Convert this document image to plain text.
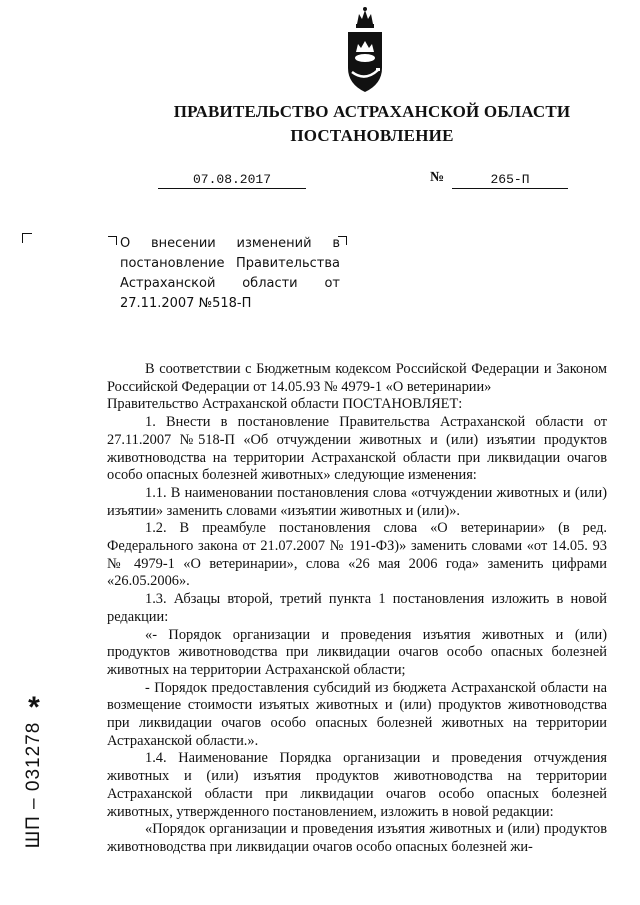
ПРАВИТЕЛЬСТВО АСТРАХАНСКОЙ ОБЛАСТИ
ПОСТАНОВЛЕНИЕ
07.08.2017	№	265-П
О внесении изменений в постановление Правительства Астраханской области от 27.11.2007 №518-П

В соответствии с Бюджетным кодексом Российской Федерации и Законом Российской Федерации от 14.05.93 № 4979-1 «О ветеринарии»

Правительство Астраханской области ПОСТАНОВЛЯЕТ:

1. Внести в постановление Правительства Астраханской области от 27.11.2007 №518-П «Об отчуждении животных и (или) изъятии продуктов животноводства на территории Астраханской области при ликвидации очагов особо опасных болезней животных» следующие изменения:

1.1. В наименовании постановления слова «отчуждении животных и (или) изъятии» заменить словами «изъятии животных и (или)».

1.2. В преамбуле постановления слова «О ветеринарии» (в ред. Федерального закона от 21.07.2007 № 191-ФЗ)» заменить словами «от 14.05. 93 № 4979-1 «О ветеринарии», слова «26 мая 2006 года» заменить цифрами «26.05.2006».

1.3. Абзацы второй, третий пункта 1 постановления изложить в новой редакции:

«- Порядок организации и проведения изъятия животных и (или) продуктов животноводства при ликвидации очагов особо опасных болезней животных на территории Астраханской области;

- Порядок предоставления субсидий из бюджета Астраханской области на возмещение стоимости изъятых животных и (или) продуктов животноводства при ликвидации очагов особо опасных болезней животных на территории Астраханской области.».

1.4. Наименование Порядка организации и проведения отчуждения животных и (или) изъятия продуктов животноводства на территории Астраханской области при ликвидации очагов особо опасных болезней животных, утвержденного постановлением, изложить в новой редакции:

«Порядок организации и проведения изъятия животных и (или) продуктов животноводства при ликвидации очагов особо опасных болезней жи-

*
ШП – 031278
